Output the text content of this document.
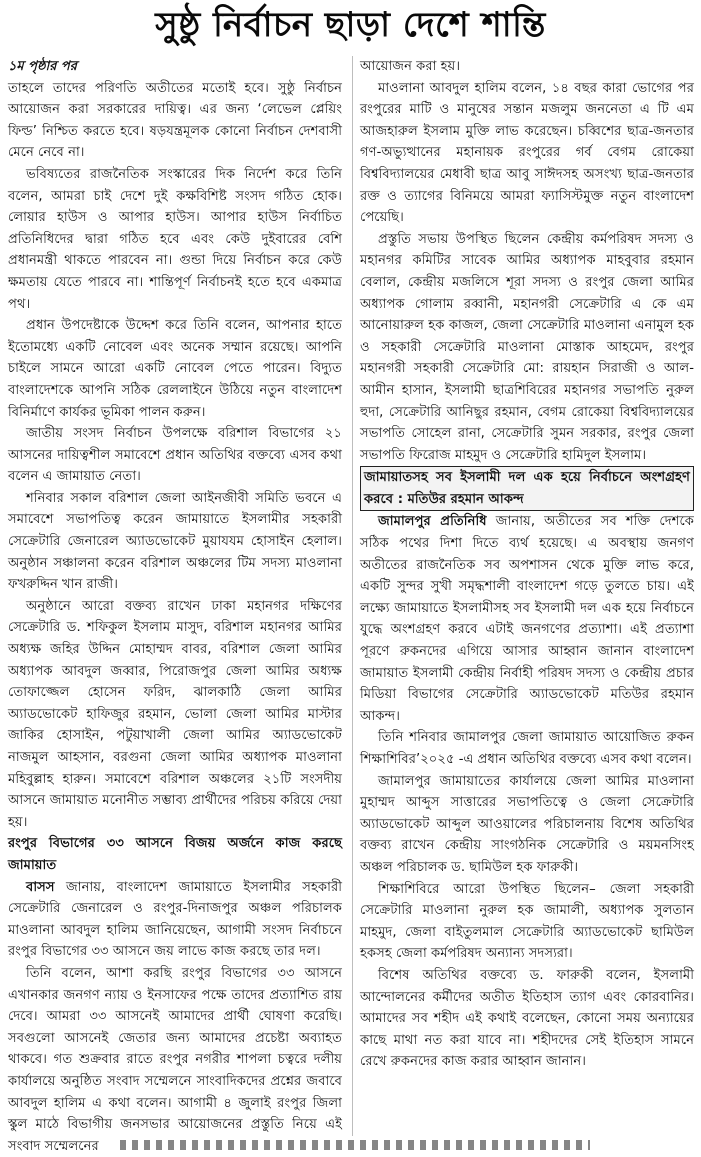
সুষ্ঠু নির্বাচন ছাড়া দেশে শান্তি

১ম পৃষ্ঠার পর

তাহলে তাদের পরিণতি অতীতের মতোই হবে। সুষ্ঠু নির্বাচন আয়োজন করা সরকারের দায়িত্ব। এর জন্য ‘লেভেল প্লেয়িং ফিল্ড’ নিশ্চিত করতে হবে। ষড়যন্ত্রমূলক কোনো নির্বাচন দেশবাসী মেনে নেবে না।

ভবিষ্যতের রাজনৈতিক সংস্কারের দিক নির্দেশ করে তিনি বলেন, আমরা চাই দেশে দুই কক্ষবিশিষ্ট সংসদ গঠিত হোক। লোয়ার হাউস ও আপার হাউস। আপার হাউস নির্বাচিত প্রতিনিধিদের দ্বারা গঠিত হবে এবং কেউ দুইবারের বেশি প্রধানমন্ত্রী থাকতে পারবেন না। গুন্ডা দিয়ে নির্বাচন করে কেউ ক্ষমতায় যেতে পারবে না। শান্তিপূর্ণ নির্বাচনই হতে হবে একমাত্র পথ।

প্রধান উপদেষ্টাকে উদ্দেশ করে তিনি বলেন, আপনার হাতে ইতোমধ্যে একটি নোবেল এবং অনেক সম্মান রয়েছে। আপনি চাইলে সামনে আরো একটি নোবেল পেতে পারেন। বিদ্যুত বাংলাদেশকে আপনি সঠিক রেললাইনে উঠিয়ে নতুন বাংলাদেশ বিনির্মাণে কার্যকর ভূমিকা পালন করুন।

জাতীয় সংসদ নির্বাচন উপলক্ষে বরিশাল বিভাগের ২১ আসনের দায়িত্বশীল সমাবেশে প্রধান অতিথির বক্তব্যে এসব কথা বলেন এ জামায়াত নেতা।

শনিবার সকাল বরিশাল জেলা আইনজীবী সমিতি ভবনে এ সমাবেশে সভাপতিত্ব করেন জামায়াতে ইসলামীর সহকারী সেক্রেটারি জেনারেল অ্যাডভোকেট মুয়াযযম হোসাইন হেলাল। অনুষ্ঠান সঞ্চালনা করেন বরিশাল অঞ্চলের টিম সদস্য মাওলানা ফখরুদ্দিন খান রাজী।

অনুষ্ঠানে আরো বক্তব্য রাখেন ঢাকা মহানগর দক্ষিণের সেক্রেটারি ড. শফিকুল ইসলাম মাসুদ, বরিশাল মহানগর আমির অধ্যক্ষ জহির উদ্দিন মোহাম্মদ বাবর, বরিশাল জেলা আমির অধ্যাপক আবদুল জব্বার, পিরোজপুর জেলা আমির অধ্যক্ষ তোফাজ্জেল হোসেন ফরিদ, ঝালকাঠি জেলা আমির অ্যাডভোকেট হাফিজুর রহমান, ভোলা জেলা আমির মাস্টার জাকির হোসাইন, পটুয়াখালী জেলা আমির অ্যাডভোকেট নাজমুল আহসান, বরগুনা জেলা আমির অধ্যাপক মাওলানা মহিবুল্লাহ হারুন। সমাবেশে বরিশাল অঞ্চলের ২১টি সংসদীয় আসনে জামায়াত মনোনীত সম্ভাব্য প্রার্থীদের পরিচয় করিয়ে দেয়া হয়।

রংপুর বিভাগের ৩৩ আসনে বিজয় অর্জনে কাজ করছে জামায়াত

বাসস জানায়, বাংলাদেশ জামায়াতে ইসলামীর সহকারী সেক্রেটারি জেনারেল ও রংপুর-দিনাজপুর অঞ্চল পরিচালক মাওলানা আবদুল হালিম জানিয়েছেন, আগামী সংসদ নির্বাচনে রংপুর বিভাগের ৩৩ আসনে জয় লাভে কাজ করছে তার দল।

তিনি বলেন, আশা করছি রংপুর বিভাগের ৩৩ আসনে এখানকার জনগণ ন্যায় ও ইনসাফের পক্ষে তাদের প্রত্যাশিত রায় দেবে। আমরা ৩৩ আসনেই আমাদের প্রার্থী ঘোষণা করেছি। সবগুলো আসনেই জেতার জন্য আমাদের প্রচেষ্টা অব্যাহত থাকবে। গত শুক্রবার রাতে রংপুর নগরীর শাপলা চত্বরে দলীয় কার্যালয়ে অনুষ্ঠিত সংবাদ সম্মেলনে সাংবাদিকদের প্রশ্নের জবাবে আবদুল হালিম এ কথা বলেন। আগামী ৪ জুলাই রংপুর জিলা স্কুল মাঠে বিভাগীয় জনসভার আয়োজনের প্রস্তুতি নিয়ে এই সংবাদ সম্মেলনের

আয়োজন করা হয়।

মাওলানা আবদুল হালিম বলেন, ১৪ বছর কারা ভোগের পর রংপুরের মাটি ও মানুষের সন্তান মজলুম জননেতা এ টি এম আজহারুল ইসলাম মুক্তি লাভ করেছেন। চব্বিশের ছাত্র-জনতার গণ-অভ্যুত্থানের মহানায়ক রংপুরের গর্ব বেগম রোকেয়া বিশ্ববিদ্যালয়ের মেধাবী ছাত্র আবু সাঈদসহ অসংখ্য ছাত্র-জনতার রক্ত ও ত্যাগের বিনিময়ে আমরা ফ্যাসিস্টমুক্ত নতুন বাংলাদেশ পেয়েছি।

প্রস্তুতি সভায় উপস্থিত ছিলেন কেন্দ্রীয় কর্মপরিষদ সদস্য ও মহানগর কমিটির সাবেক আমির অধ্যাপক মাহবুবার রহমান বেলাল, কেন্দ্রীয় মজলিসে শূরা সদস্য ও রংপুর জেলা আমির অধ্যাপক গোলাম রব্বানী, মহানগরী সেক্রেটারি এ কে এম আনোয়ারুল হক কাজল, জেলা সেক্রেটারি মাওলানা এনামুল হক ও সহকারী সেক্রেটারি মাওলানা মোস্তাক আহমেদ, রংপুর মহানগরী সহকারী সেক্রেটারি মো: রায়হান সিরাজী ও আল-আমীন হাসান, ইসলামী ছাত্রশিবিরের মহানগর সভাপতি নুরুল হুদা, সেক্রেটারি আনিছুর রহমান, বেগম রোকেয়া বিশ্ববিদ্যালয়ের সভাপতি সোহেল রানা, সেক্রেটারি সুমন সরকার, রংপুর জেলা সভাপতি ফিরোজ মাহমুদ ও সেক্রেটারি হামিদুল ইসলাম।

জামায়াতসহ সব ইসলামী দল এক হয়ে নির্বাচনে অংশগ্রহণ করবে : মতিউর রহমান আকন্দ

জামালপুর প্রতিনিধি জানায়, অতীতের সব শক্তি দেশকে সঠিক পথের দিশা দিতে ব্যর্থ হয়েছে। এ অবস্থায় জনগণ অতীতের রাজনৈতিক সব অপশাসন থেকে মুক্তি লাভ করে, একটি সুন্দর সুখী সমৃদ্ধশালী বাংলাদেশ গড়ে তুলতে চায়। এই লক্ষ্যে জামায়াতে ইসলামীসহ সব ইসলামী দল এক হয়ে নির্বাচনে যুদ্ধে অংশগ্রহণ করবে এটাই জনগণের প্রত্যাশা। এই প্রত্যাশা পূরণে রুকনদের এগিয়ে আসার আহ্বান জানান বাংলাদেশ জামায়াত ইসলামী কেন্দ্রীয় নির্বাহী পরিষদ সদস্য ও কেন্দ্রীয় প্রচার মিডিয়া বিভাগের সেক্রেটারি অ্যাডভোকেট মতিউর রহমান আকন্দ।

তিনি শনিবার জামালপুর জেলা জামায়াত আয়োজিত রুকন শিক্ষাশিবির’২০২৫ -এ প্রধান অতিথির বক্তব্যে এসব কথা বলেন।

জামালপুর জামায়াতের কার্যালয়ে জেলা আমির মাওলানা মুহাম্মদ আব্দুস সাত্তারের সভাপতিত্বে ও জেলা সেক্রেটারি অ্যাডভোকেট আব্দুল আওয়ালের পরিচালনায় বিশেষ অতিথির বক্তব্য রাখেন কেন্দ্রীয় সাংগঠনিক সেক্রেটারি ও ময়মনসিংহ অঞ্চল পরিচালক ড. ছামিউল হক ফারুকী।

শিক্ষাশিবিরে আরো উপস্থিত ছিলেন– জেলা সহকারী সেক্রেটারি মাওলানা নুরুল হক জামালী, অধ্যাপক সুলতান মাহমুদ, জেলা বাইতুলমাল সেক্রেটারি অ্যাডভোকেট ছামিউল হকসহ জেলা কর্মপরিষদ অন্যান্য সদস্যরা।

বিশেষ অতিথির বক্তব্যে ড. ফারুকী বলেন, ইসলামী আন্দোলনের কর্মীদের অতীত ইতিহাস ত্যাগ এবং কোরবানির। আমাদের সব শহীদ এই কথাই বলেছেন, কোনো সময় অন্যায়ের কাছে মাথা নত করা যাবে না। শহীদদের সেই ইতিহাস সামনে রেখে রুকনদের কাজ করার আহ্বান জানান।
